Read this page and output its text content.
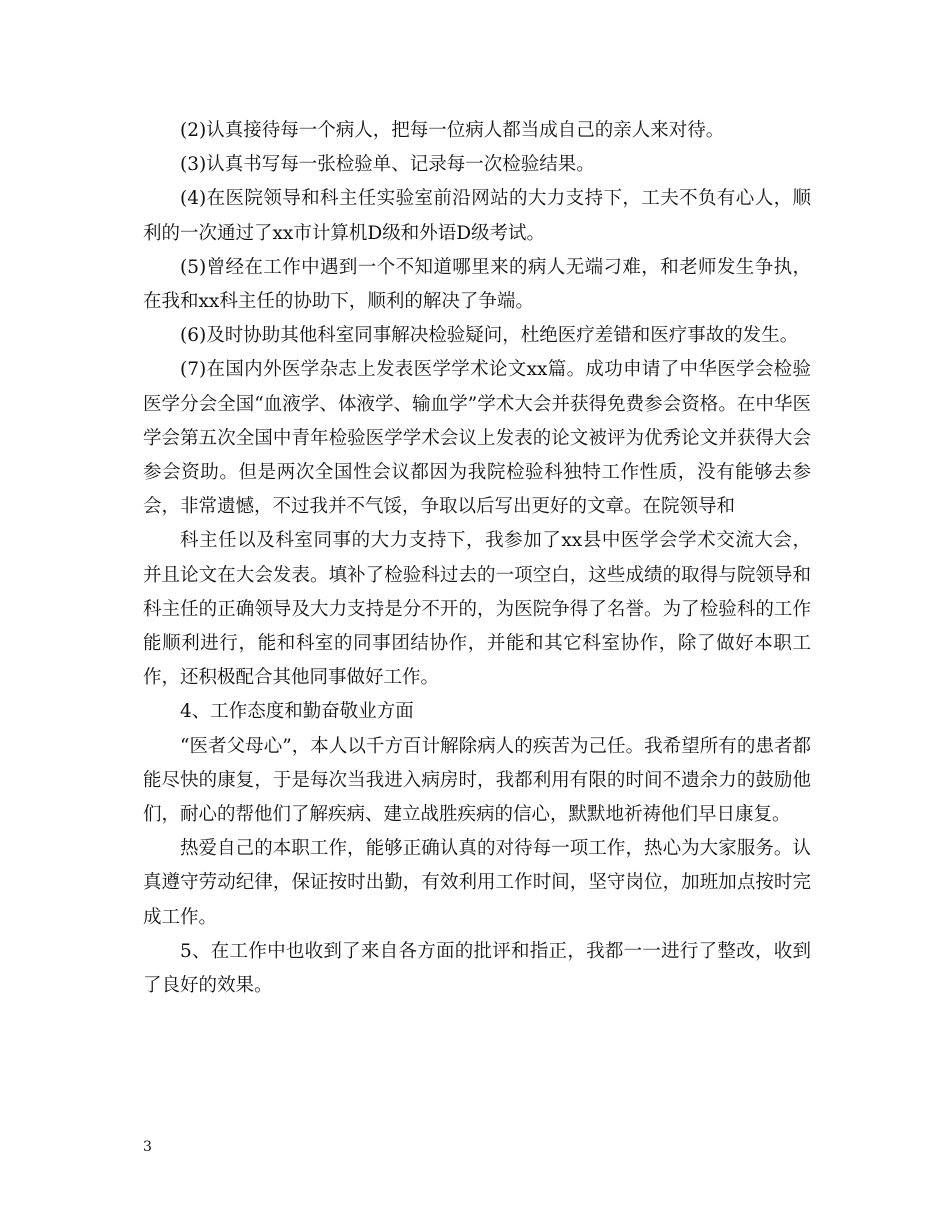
(2)认真接待每一个病人，把每一位病人都当成自己的亲人来对待。

(3)认真书写每一张检验单、记录每一次检验结果。

(4)在医院领导和科主任实验室前沿网站的大力支持下，工夫不负有心人，顺利的一次通过了xx市计算机D级和外语D级考试。

(5)曾经在工作中遇到一个不知道哪里来的病人无端刁难，和老师发生争执，在我和xx科主任的协助下，顺利的解决了争端。

(6)及时协助其他科室同事解决检验疑问，杜绝医疗差错和医疗事故的发生。

(7)在国内外医学杂志上发表医学学术论文xx篇。成功申请了中华医学会检验医学分会全国“血液学、体液学、输血学”学术大会并获得免费参会资格。在中华医学会第五次全国中青年检验医学学术会议上发表的论文被评为优秀论文并获得大会参会资助。但是两次全国性会议都因为我院检验科独特工作性质，没有能够去参会，非常遗憾，不过我并不气馁，争取以后写出更好的文章。在院领导和

科主任以及科室同事的大力支持下，我参加了xx县中医学会学术交流大会，并且论文在大会发表。填补了检验科过去的一项空白，这些成绩的取得与院领导和科主任的正确领导及大力支持是分不开的，为医院争得了名誉。为了检验科的工作能顺利进行，能和科室的同事团结协作，并能和其它科室协作，除了做好本职工作，还积极配合其他同事做好工作。

4、工作态度和勤奋敬业方面

“医者父母心”，本人以千方百计解除病人的疾苦为己任。我希望所有的患者都能尽快的康复，于是每次当我进入病房时，我都利用有限的时间不遗余力的鼓励他们，耐心的帮他们了解疾病、建立战胜疾病的信心，默默地祈祷他们早日康复。

热爱自己的本职工作，能够正确认真的对待每一项工作，热心为大家服务。认真遵守劳动纪律，保证按时出勤，有效利用工作时间，坚守岗位，加班加点按时完成工作。

5、在工作中也收到了来自各方面的批评和指正，我都一一进行了整改，收到了良好的效果。

3
